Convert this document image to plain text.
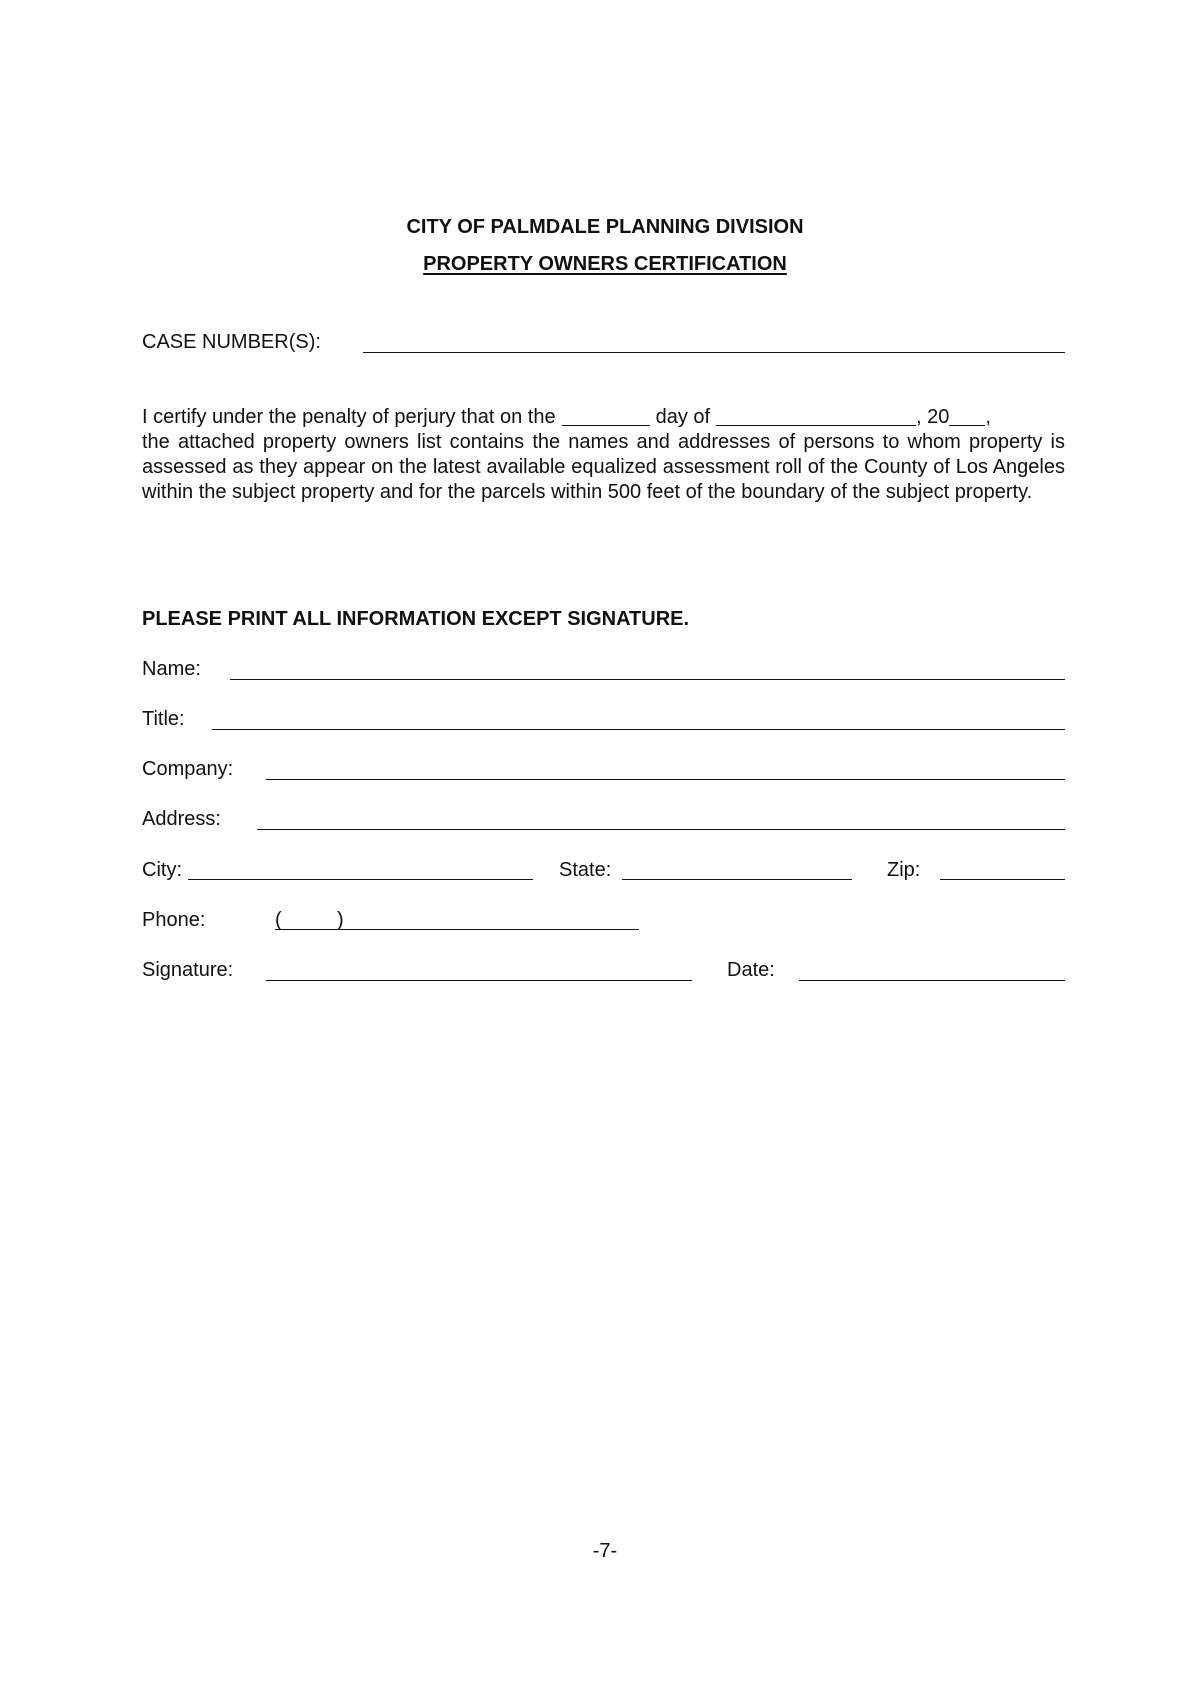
CITY OF PALMDALE PLANNING DIVISION
PROPERTY OWNERS CERTIFICATION
CASE NUMBER(S):
I certify under the penalty of perjury that on the	day of	, 20 ,
the attached property owners list contains the names and addresses of persons to whom property is assessed as they appear on the latest available equalized assessment roll of the County of Los Angeles within the subject property and for the parcels within 500 feet of the boundary of the subject property.
PLEASE PRINT ALL INFORMATION EXCEPT SIGNATURE.
Name:
Title:
Company:
Address:
City:	State:	Zip:
Phone:	(	)
Signature:	Date:
-7-
